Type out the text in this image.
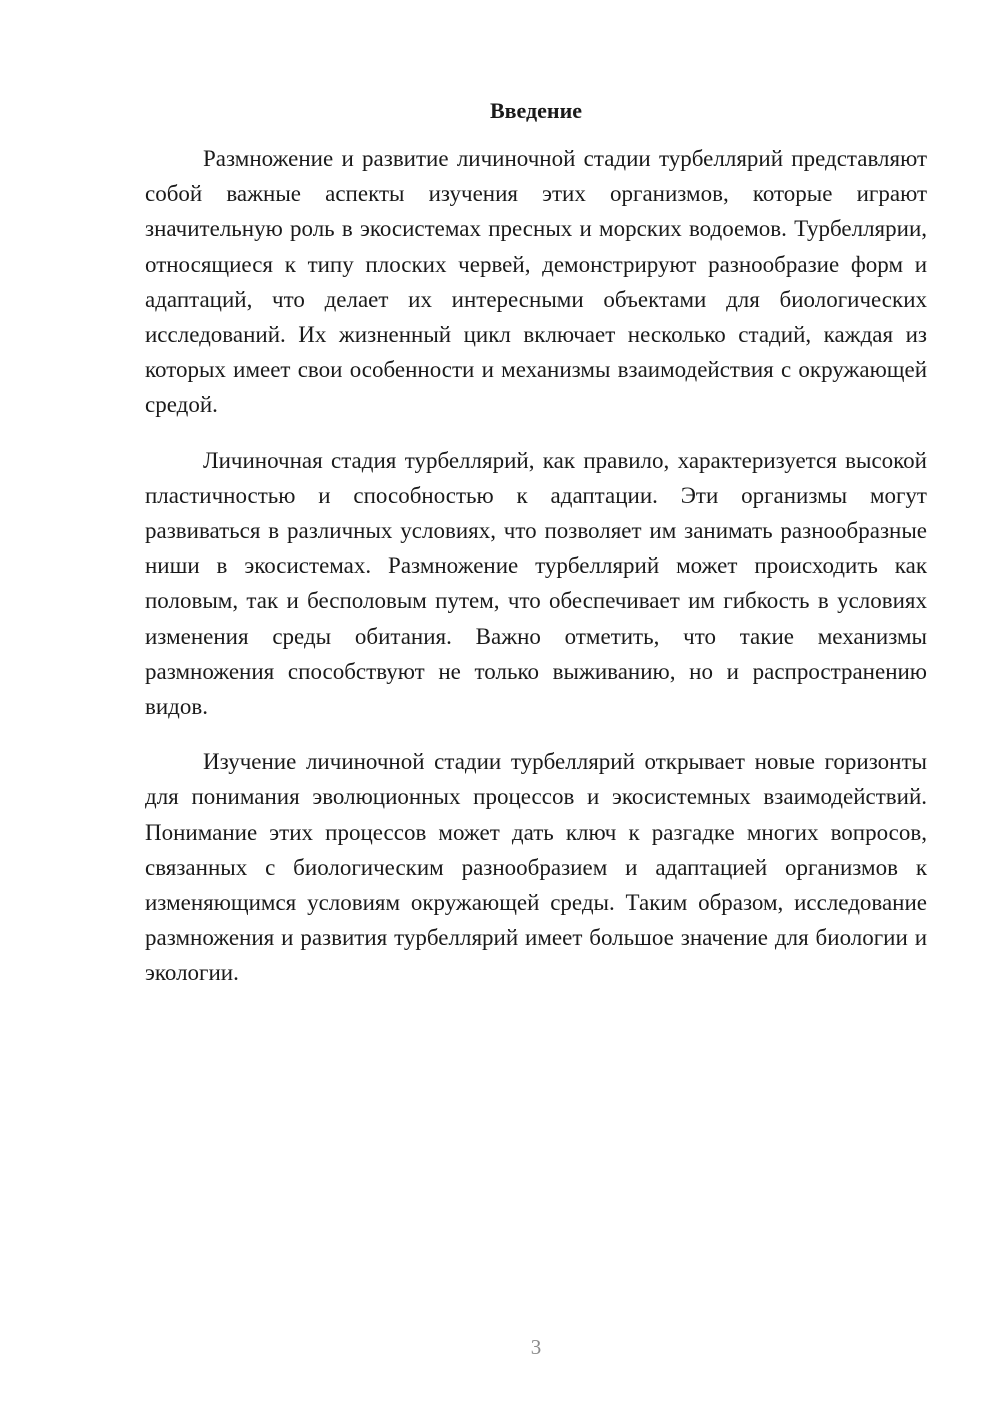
Введение

Размножение и развитие личиночной стадии турбеллярий представляют собой важные аспекты изучения этих организмов, которые играют значительную роль в экосистемах пресных и морских водоемов. Турбеллярии, относящиеся к типу плоских червей, демонстрируют разнообразие форм и адаптаций, что делает их интересными объектами для биологических исследований. Их жизненный цикл включает несколько стадий, каждая из которых имеет свои особенности и механизмы взаимодействия с окружающей средой.

Личиночная стадия турбеллярий, как правило, характеризуется высокой пластичностью и способностью к адаптации. Эти организмы могут развиваться в различных условиях, что позволяет им занимать разнообразные ниши в экосистемах. Размножение турбеллярий может происходить как половым, так и бесполовым путем, что обеспечивает им гибкость в условиях изменения среды обитания. Важно отметить, что такие механизмы размножения способствуют не только выживанию, но и распространению видов.

Изучение личиночной стадии турбеллярий открывает новые горизонты для понимания эволюционных процессов и экосистемных взаимодействий. Понимание этих процессов может дать ключ к разгадке многих вопросов, связанных с биологическим разнообразием и адаптацией организмов к изменяющимся условиям окружающей среды. Таким образом, исследование размножения и развития турбеллярий имеет большое значение для биологии и экологии.

3
